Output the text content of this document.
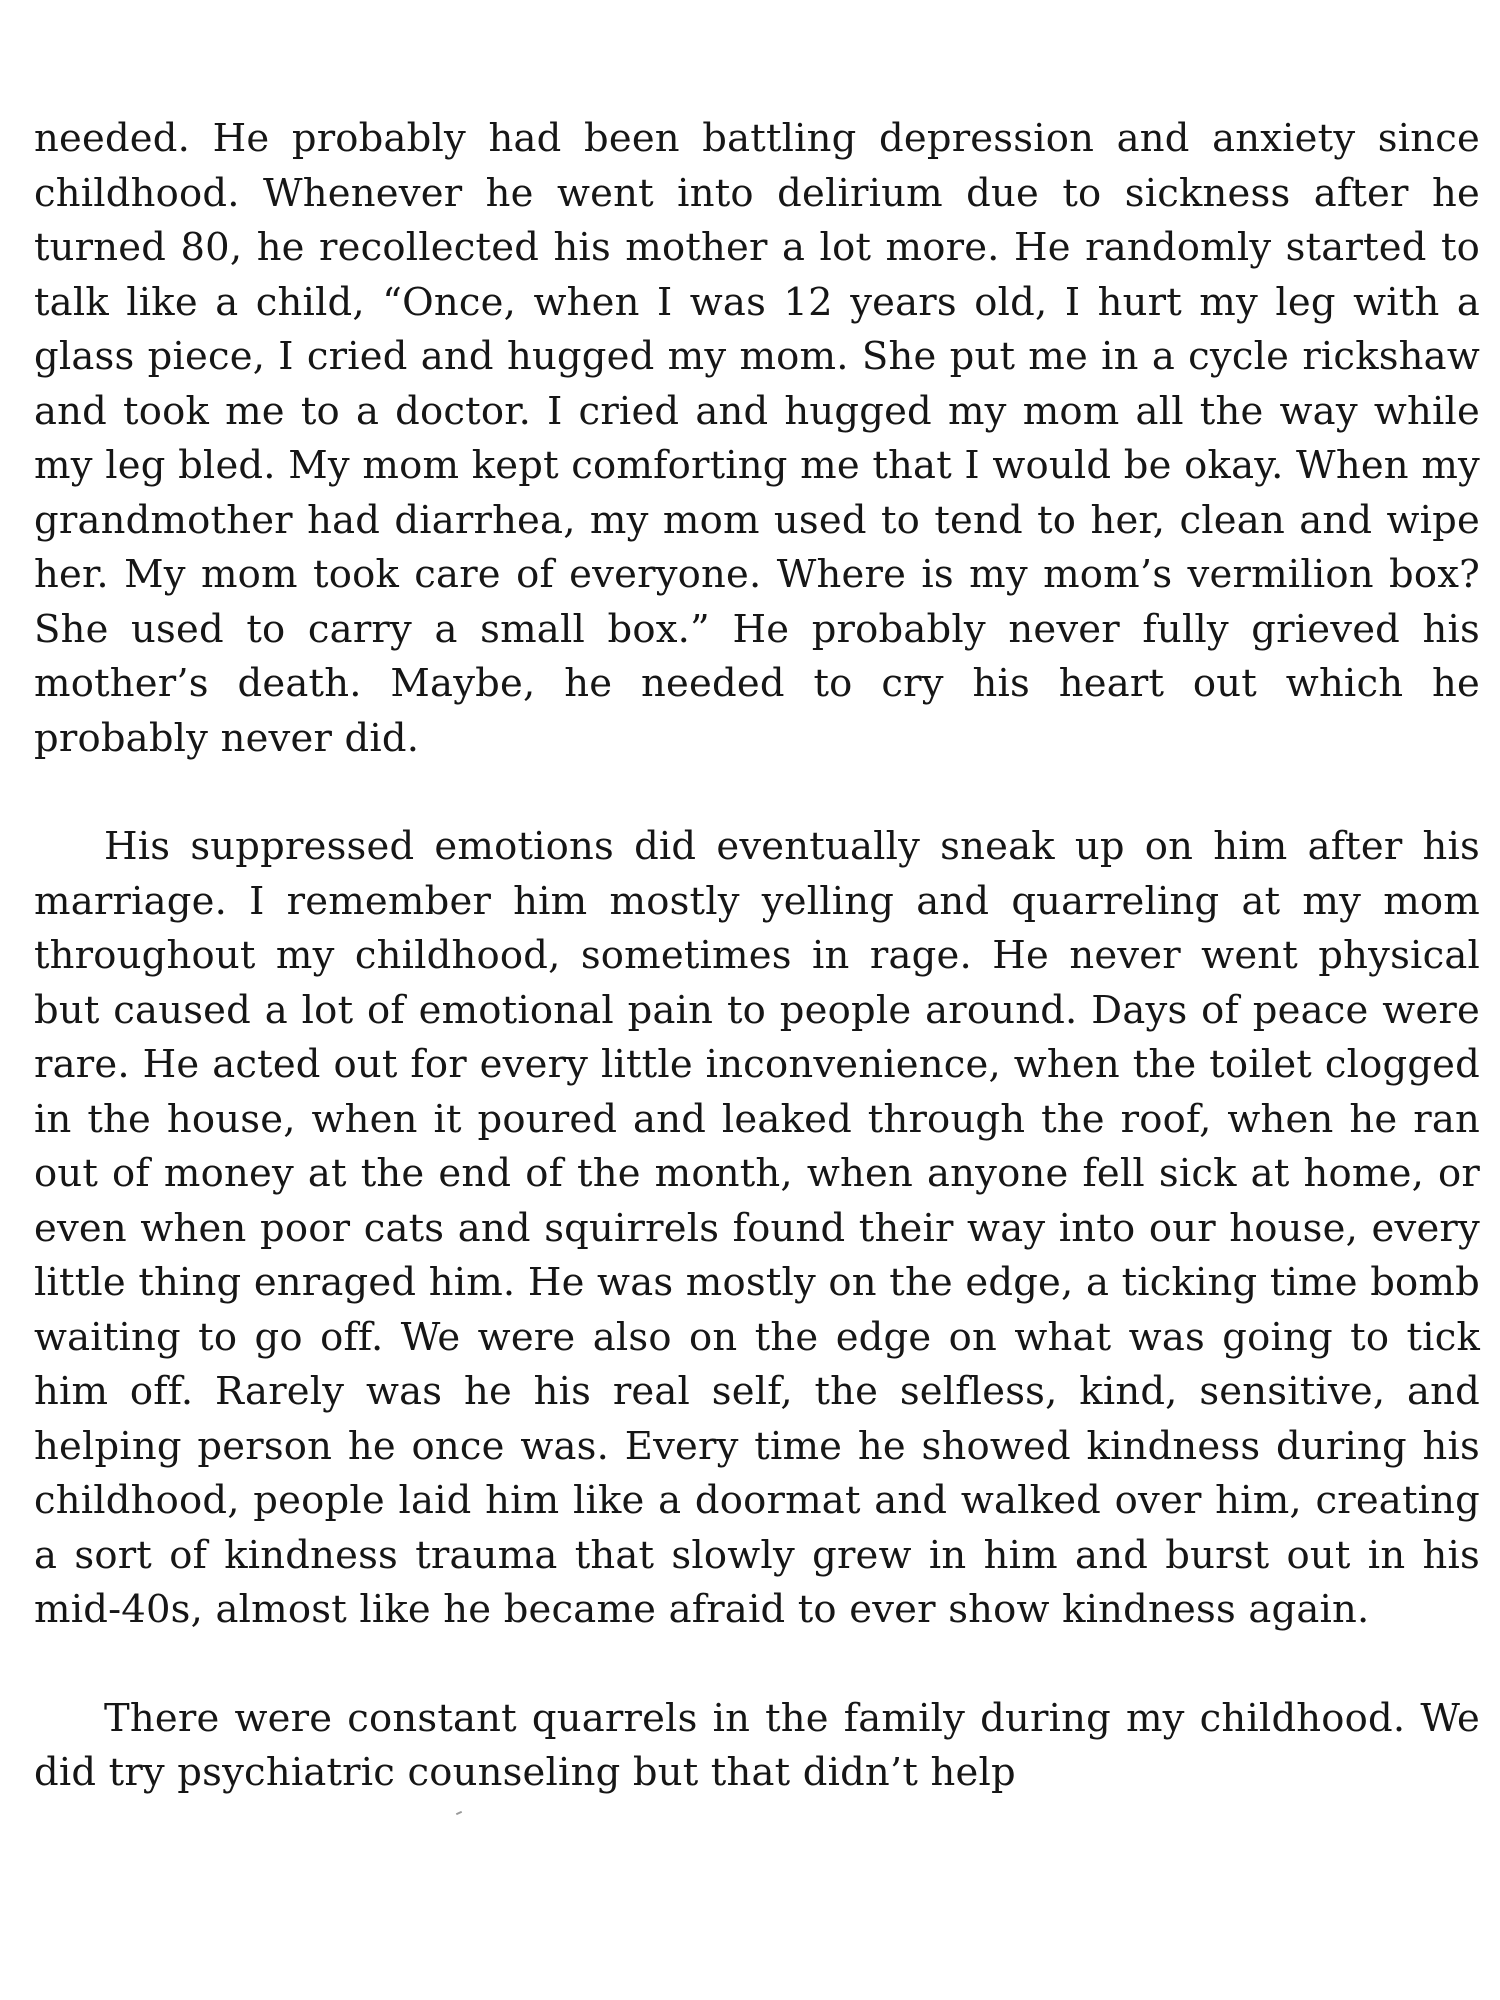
needed. He probably had been battling depression and anxiety since childhood. Whenever he went into delirium due to sickness after he turned 80, he recollected his mother a lot more. He randomly started to talk like a child, “Once, when I was 12 years old, I hurt my leg with a glass piece, I cried and hugged my mom. She put me in a cycle rickshaw and took me to a doctor. I cried and hugged my mom all the way while my leg bled. My mom kept comforting me that I would be okay. When my grandmother had diarrhea, my mom used to tend to her, clean and wipe her. My mom took care of everyone. Where is my mom’s vermilion box? She used to carry a small box.” He probably never fully grieved his mother’s death. Maybe, he needed to cry his heart out which he probably never did.

His suppressed emotions did eventually sneak up on him after his marriage. I remember him mostly yelling and quarreling at my mom throughout my childhood, sometimes in rage. He never went physical but caused a lot of emotional pain to people around. Days of peace were rare. He acted out for every little inconvenience, when the toilet clogged in the house, when it poured and leaked through the roof, when he ran out of money at the end of the month, when anyone fell sick at home, or even when poor cats and squirrels found their way into our house, every little thing enraged him. He was mostly on the edge, a ticking time bomb waiting to go off. We were also on the edge on what was going to tick him off. Rarely was he his real self, the selfless, kind, sensitive, and helping person he once was. Every time he showed kindness during his childhood, people laid him like a doormat and walked over him, creating a sort of kindness trauma that slowly grew in him and burst out in his mid-40s, almost like he became afraid to ever show kindness again.

There were constant quarrels in the family during my childhood. We did try psychiatric counseling but that didn’t help
